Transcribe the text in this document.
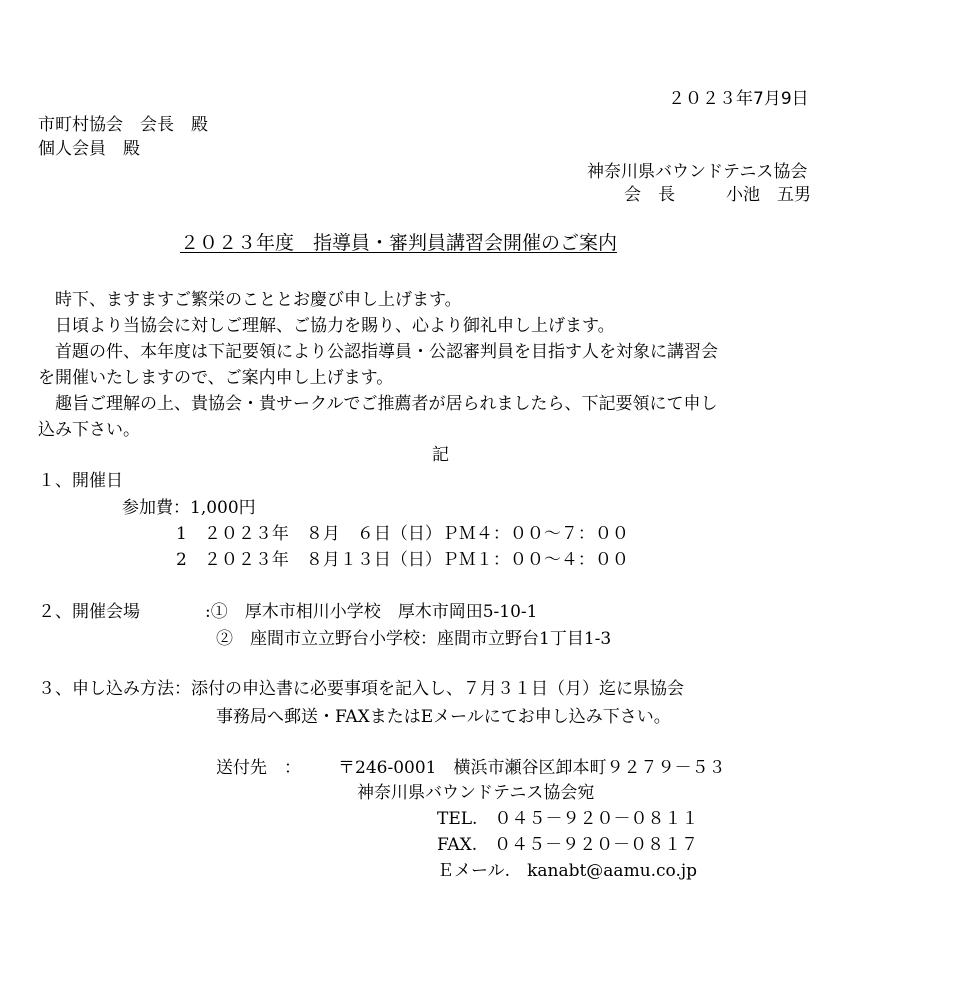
２０２３年7月9日
市町村協会　会長　殿
個人会員　殿
神奈川県バウンドテニス協会
会　長　　　小池　五男
２０２３年度　指導員・審判員講習会開催のご案内
　時下、ますますご繁栄のこととお慶び申し上げます。
　日頃より当協会に対しご理解、ご協力を賜り、心より御礼申し上げます。
　首題の件、本年度は下記要領により公認指導員・公認審判員を目指す人を対象に講習会
を開催いたしますので、ご案内申し上げます。
　趣旨ご理解の上、貴協会・貴サークルでご推薦者が居られましたら、下記要領にて申し
込み下さい。
記
１、開催日
参加費：1,000円
1　２０２３年　８月　６日（日）ＰＭ４：００～７：００
2　２０２３年　８月１３日（日）ＰＭ１：００～４：００
２、開催会場	:①　厚木市相川小学校　厚木市岡田5-10-1
②　座間市立立野台小学校：座間市立野台1丁目1-3
３、申し込み方法：添付の申込書に必要事項を記入し、７月３１日（月）迄に県協会
事務局へ郵送・FAXまたはEメールにてお申し込み下さい。
送付先　： 〒246-0001　横浜市瀬谷区卸本町９２７９－５３
神奈川県バウンドテニス協会宛
TEL.　０４５－９２０－０８１１
FAX.　０４５－９２０－０８１７
Ｅメール.　kanabt@aamu.co.jp
